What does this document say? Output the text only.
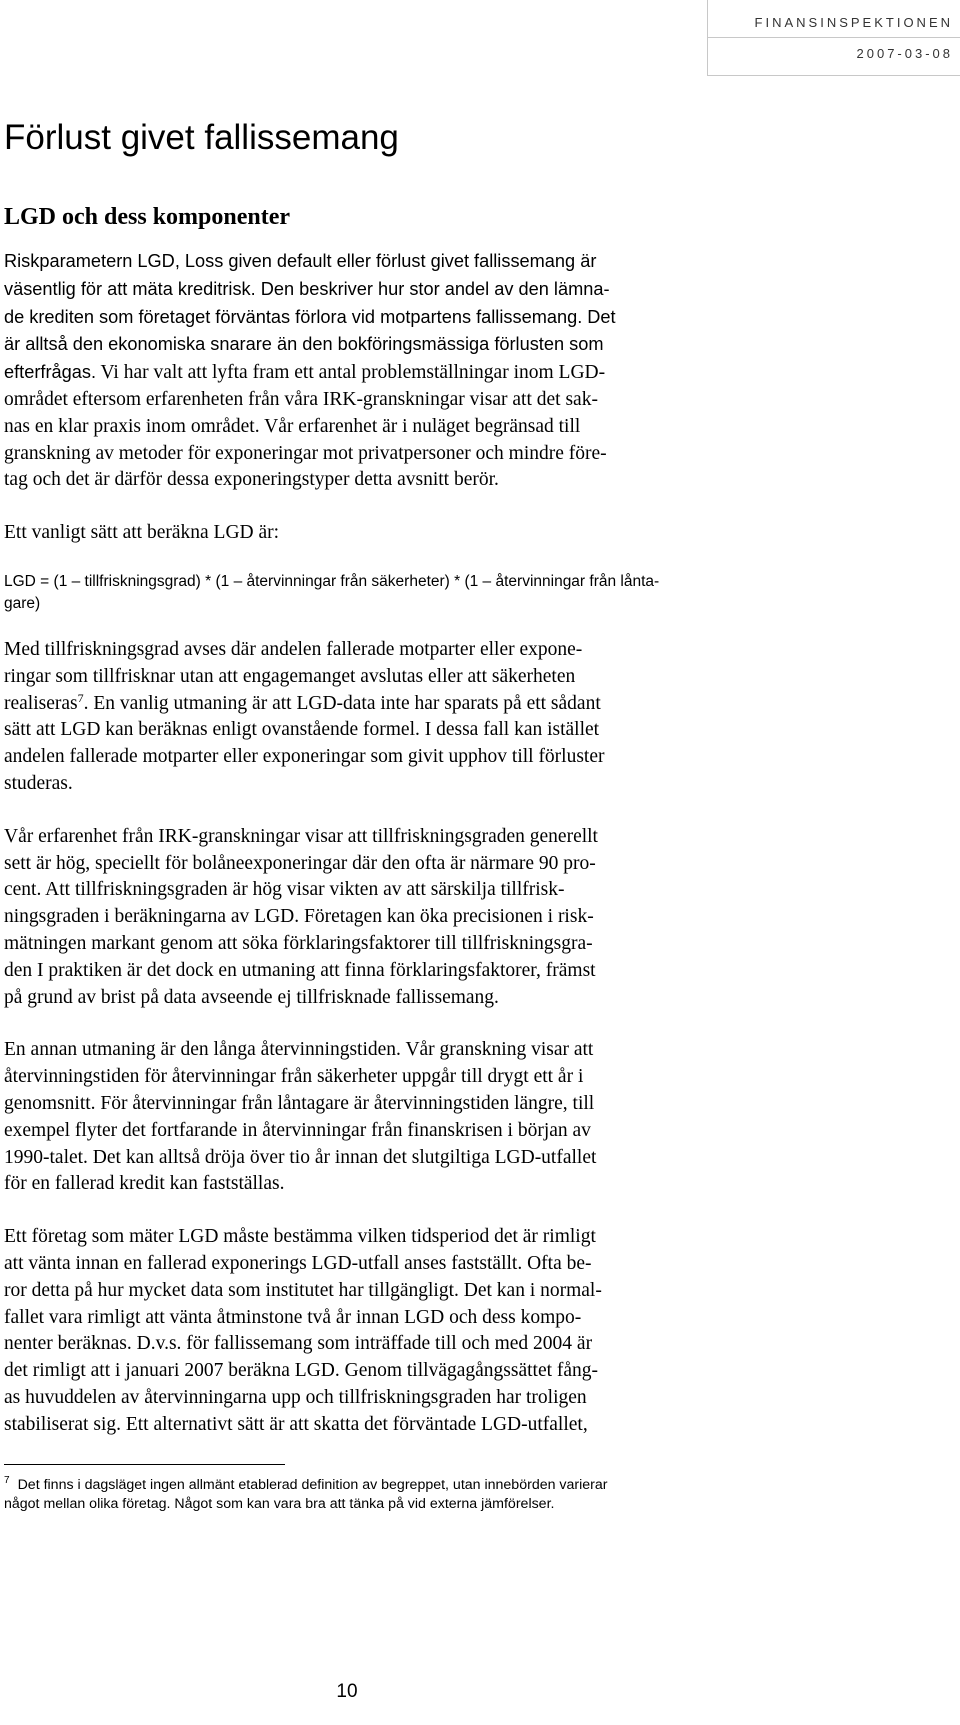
FINANSINSPEKTIONEN
2007-03-08
Förlust givet fallissemang
LGD och dess komponenter

Riskparametern LGD, Loss given default eller förlust givet fallissemang är
väsentlig för att mäta kreditrisk. Den beskriver hur stor andel av den lämna-
de krediten som företaget förväntas förlora vid motpartens fallissemang. Det
är alltså den ekonomiska snarare än den bokföringsmässiga förlusten som
efterfrågas. Vi har valt att lyfta fram ett antal problemställningar inom LGD-
området eftersom erfarenheten från våra IRK-granskningar visar att det sak-
nas en klar praxis inom området. Vår erfarenhet är i nuläget begränsad till
granskning av metoder för exponeringar mot privatpersoner och mindre före-
tag och det är därför dessa exponeringstyper detta avsnitt berör.

Ett vanligt sätt att beräkna LGD är:

LGD = (1 – tillfriskningsgrad) * (1 – återvinningar från säkerheter) * (1 – återvinningar från låntа-
gare)

Med tillfriskningsgrad avses där andelen fallerade motparter eller expone-
ringar som tillfrisknar utan att engagemanget avslutas eller att säkerheten
realiseras$^7$. En vanlig utmaning är att LGD-data inte har sparats på ett sådant
sätt att LGD kan beräknas enligt ovanstående formel. I dessa fall kan istället
andelen fallerade motparter eller exponeringar som givit upphov till förluster
studeras.

Vår erfarenhet från IRK-granskningar visar att tillfriskningsgraden generellt
sett är hög, speciellt för bolåneexponeringar där den ofta är närmare 90 pro-
cent. Att tillfriskningsgraden är hög visar vikten av att särskilja tillfrisk-
ningsgraden i beräkningarna av LGD. Företagen kan öka precisionen i risk-
mätningen markant genom att söka förklaringsfaktorer till tillfriskningsgra-
den I praktiken är det dock en utmaning att finna förklaringsfaktorer, främst
på grund av brist på data avseende ej tillfrisknade fallissemang.

En annan utmaning är den långa återvinningstiden. Vår granskning visar att
återvinningstiden för återvinningar från säkerheter uppgår till drygt ett år i
genomsnitt. För återvinningar från låntagare är återvinningstiden längre, till
exempel flyter det fortfarande in återvinningar från finanskrisen i början av
1990-talet. Det kan alltså dröja över tio år innan det slutgiltiga LGD-utfallet
för en fallerad kredit kan fastställas.

Ett företag som mäter LGD måste bestämma vilken tidsperiod det är rimligt
att vänta innan en fallerad exponerings LGD-utfall anses fastställt. Ofta be-
ror detta på hur mycket data som institutet har tillgängligt. Det kan i normal-
fallet vara rimligt att vänta åtminstone två år innan LGD och dess kompo-
nenter beräknas. D.v.s. för fallissemang som inträffade till och med 2004 är
det rimligt att i januari 2007 beräkna LGD. Genom tillvägagångssättet fång-
as huvuddelen av återvinningarna upp och tillfriskningsgraden har troligen
stabiliserat sig. Ett alternativt sätt är att skatta det förväntade LGD-utfallet,

$^7$ Det finns i dagsläget ingen allmänt etablerad definition av begreppet, utan innebörden varierar
något mellan olika företag. Något som kan vara bra att tänka på vid externa jämförelser.
10
